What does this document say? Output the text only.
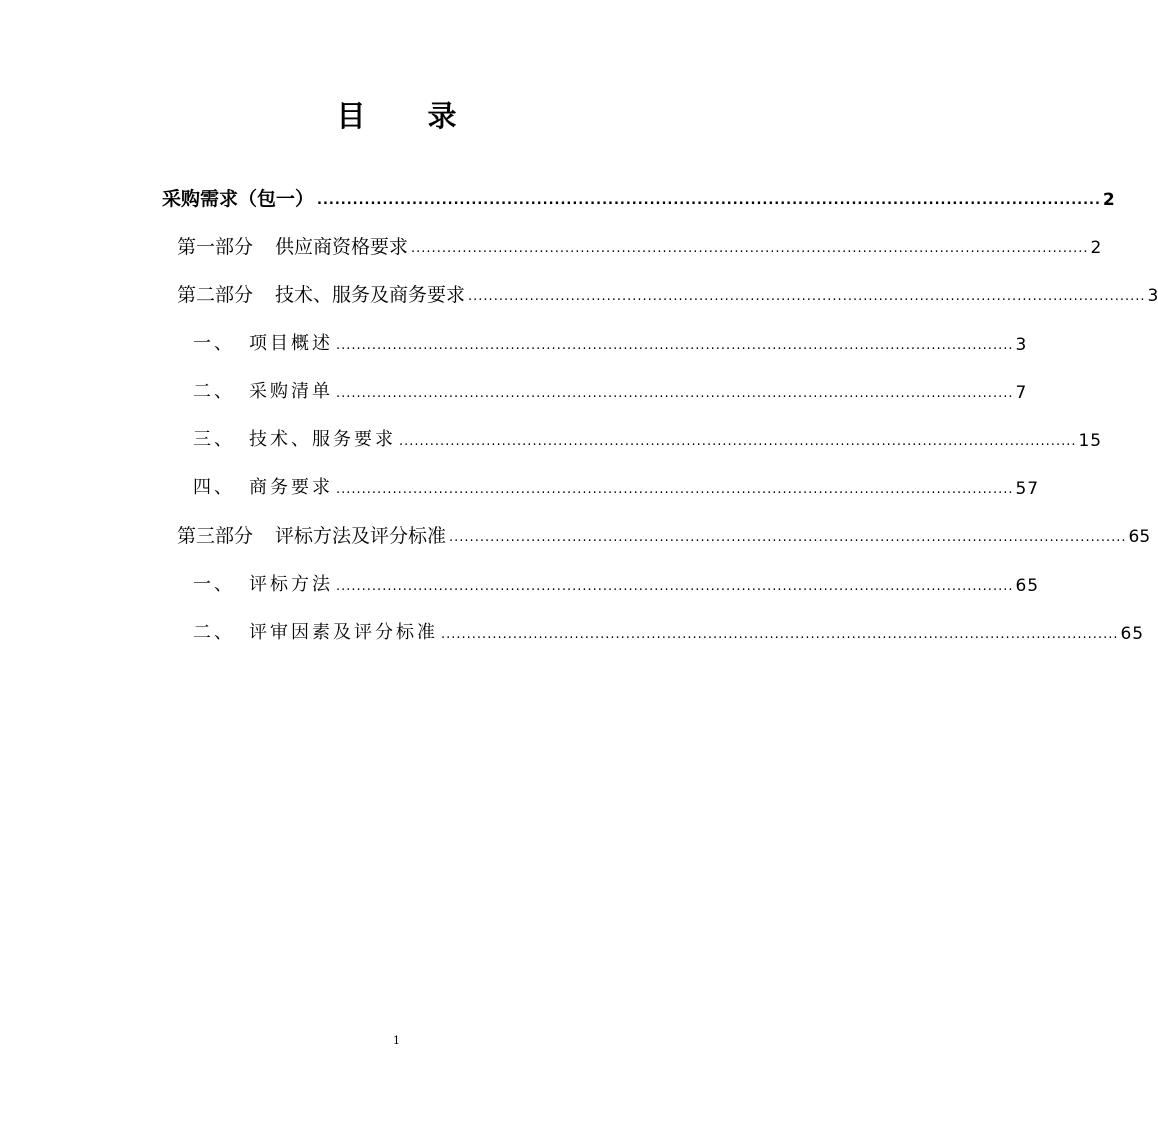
目 录
采购需求（包一） .................................................................................................................................... 2
第一部分 供应商资格要求 .................................................................................................................................... 2
第二部分 技术、服务及商务要求 .................................................................................................................................... 3
一、 项目概述 .................................................................................................................................... 3
二、 采购清单 .................................................................................................................................... 7
三、 技术、服务要求 .................................................................................................................................... 15
四、 商务要求 .................................................................................................................................... 57
第三部分 评标方法及评分标准 .................................................................................................................................... 65
一、 评标方法 .................................................................................................................................... 65
二、 评审因素及评分标准 .................................................................................................................................... 65
1
